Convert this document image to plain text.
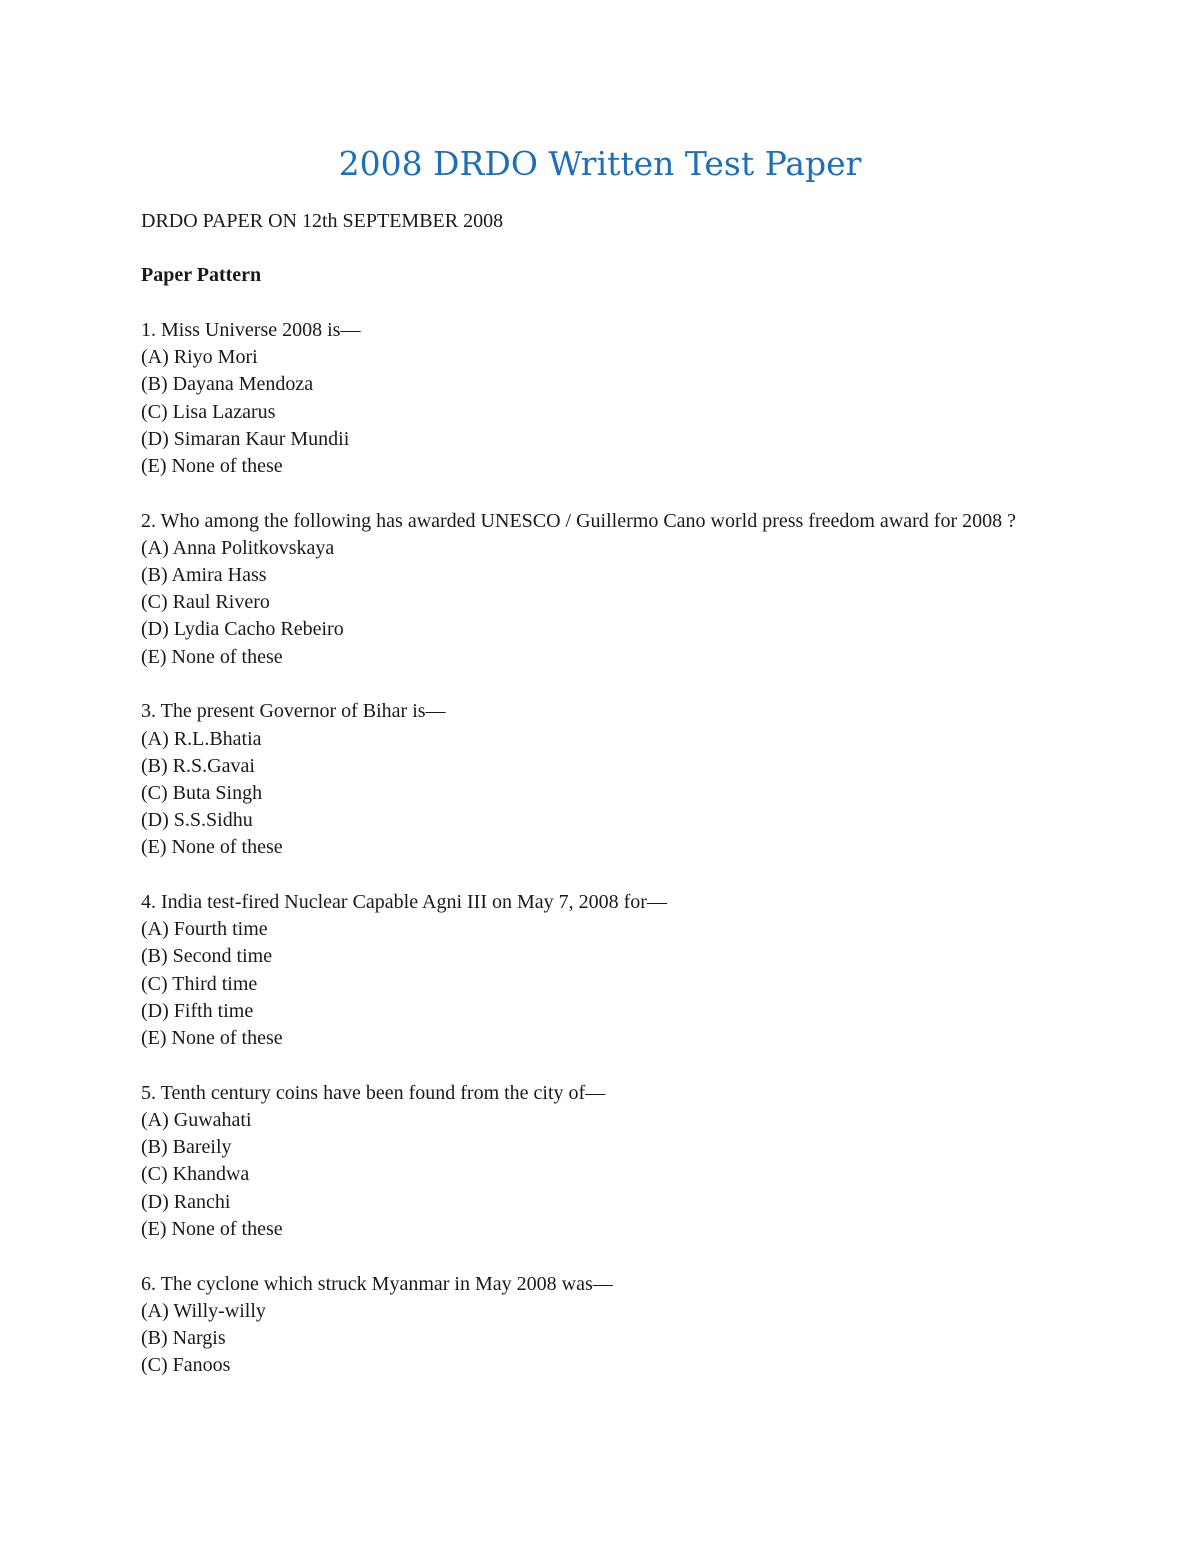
2008 DRDO Written Test Paper

DRDO PAPER ON 12th SEPTEMBER 2008

Paper Pattern

1. Miss Universe 2008 is—

(A) Riyo Mori
(B) Dayana Mendoza
(C) Lisa Lazarus
(D) Simaran Kaur Mundii
(E) None of these

2. Who among the following has awarded UNESCO / Guillermo Cano world press freedom award for 2008 ?

(A) Anna Politkovskaya
(B) Amira Hass
(C) Raul Rivero
(D) Lydia Cacho Rebeiro
(E) None of these

3. The present Governor of Bihar is—

(A) R.L.Bhatia
(B) R.S.Gavai
(C) Buta Singh
(D) S.S.Sidhu
(E) None of these

4. India test-fired Nuclear Capable Agni III on May 7, 2008 for—

(A) Fourth time
(B) Second time
(C) Third time
(D) Fifth time
(E) None of these

5. Tenth century coins have been found from the city of—

(A) Guwahati
(B) Bareily
(C) Khandwa
(D) Ranchi
(E) None of these

6. The cyclone which struck Myanmar in May 2008 was—

(A) Willy-willy
(B) Nargis
(C) Fanoos
